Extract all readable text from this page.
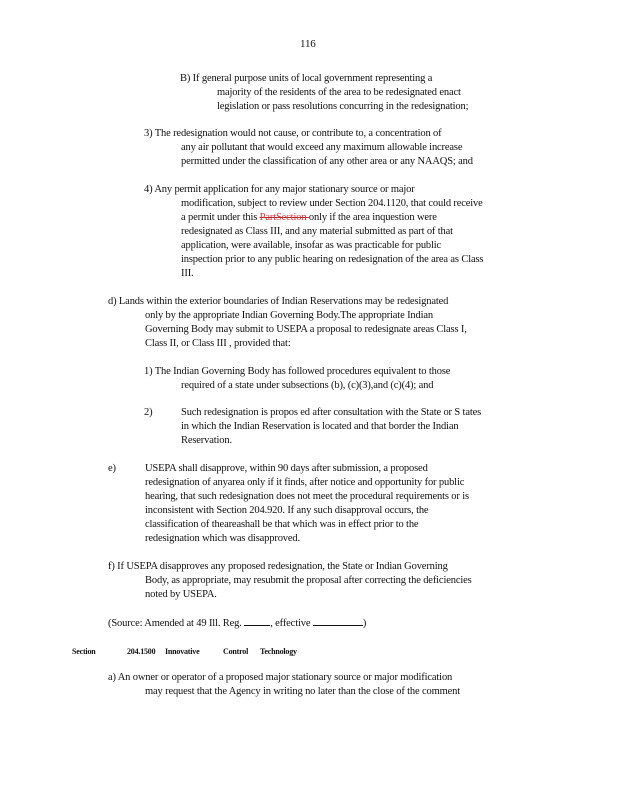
116
B) If general purpose units of local government representing a
majority of the residents of the area to be redesignated enact
legislation or pass resolutions concurring in the redesignation;
3) The redesignation would not cause, or contribute to, a concentration of
any air pollutant that would exceed any maximum allowable increase
permitted under the classification of any other area or any NAAQS; and
4) Any permit application for any major stationary source or major
modification, subject to review under Section 204.1120, that could receive
a permit under this PartSection only if the area inquestion were
redesignated as Class III, and any material submitted as part of that
application, were available, insofar as was practicable for public
inspection prior to any public hearing on redesignation of the area as Class
III.
d) Lands within the exterior boundaries of Indian Reservations may be redesignated
only by the appropriate Indian Governing Body.The appropriate Indian
Governing Body may submit to USEPA a proposal to redesignate areas Class I,
Class II, or Class III , provided that:
1) The Indian Governing Body has followed procedures equivalent to those
required of a state under subsections (b), (c)(3),and (c)(4); and
2)	Such redesignation is propos ed after consultation with the State or S tates
in which the Indian Reservation is located and that border the Indian
Reservation.
e)	USEPA shall disapprove, within 90 days after submission, a proposed
redesignation of anyarea only if it finds, after notice and opportunity for public
hearing, that such redesignation does not meet the procedural requirements or is
inconsistent with Section 204.920. If any such disapproval occurs, the
classification of theareashall be that which was in effect prior to the
redesignation which was disapproved.
f) If USEPA disapproves any proposed redesignation, the State or Indian Governing
Body, as appropriate, may resubmit the proposal after correcting the deficiencies
noted by USEPA.
(Source: Amended at 49 Ill. Reg.	, effective	)
Section	204.1500 Innovative	Control Technology
a) An owner or operator of a proposed major stationary source or major modification
may request that the Agency in writing no later than the close of the comment
